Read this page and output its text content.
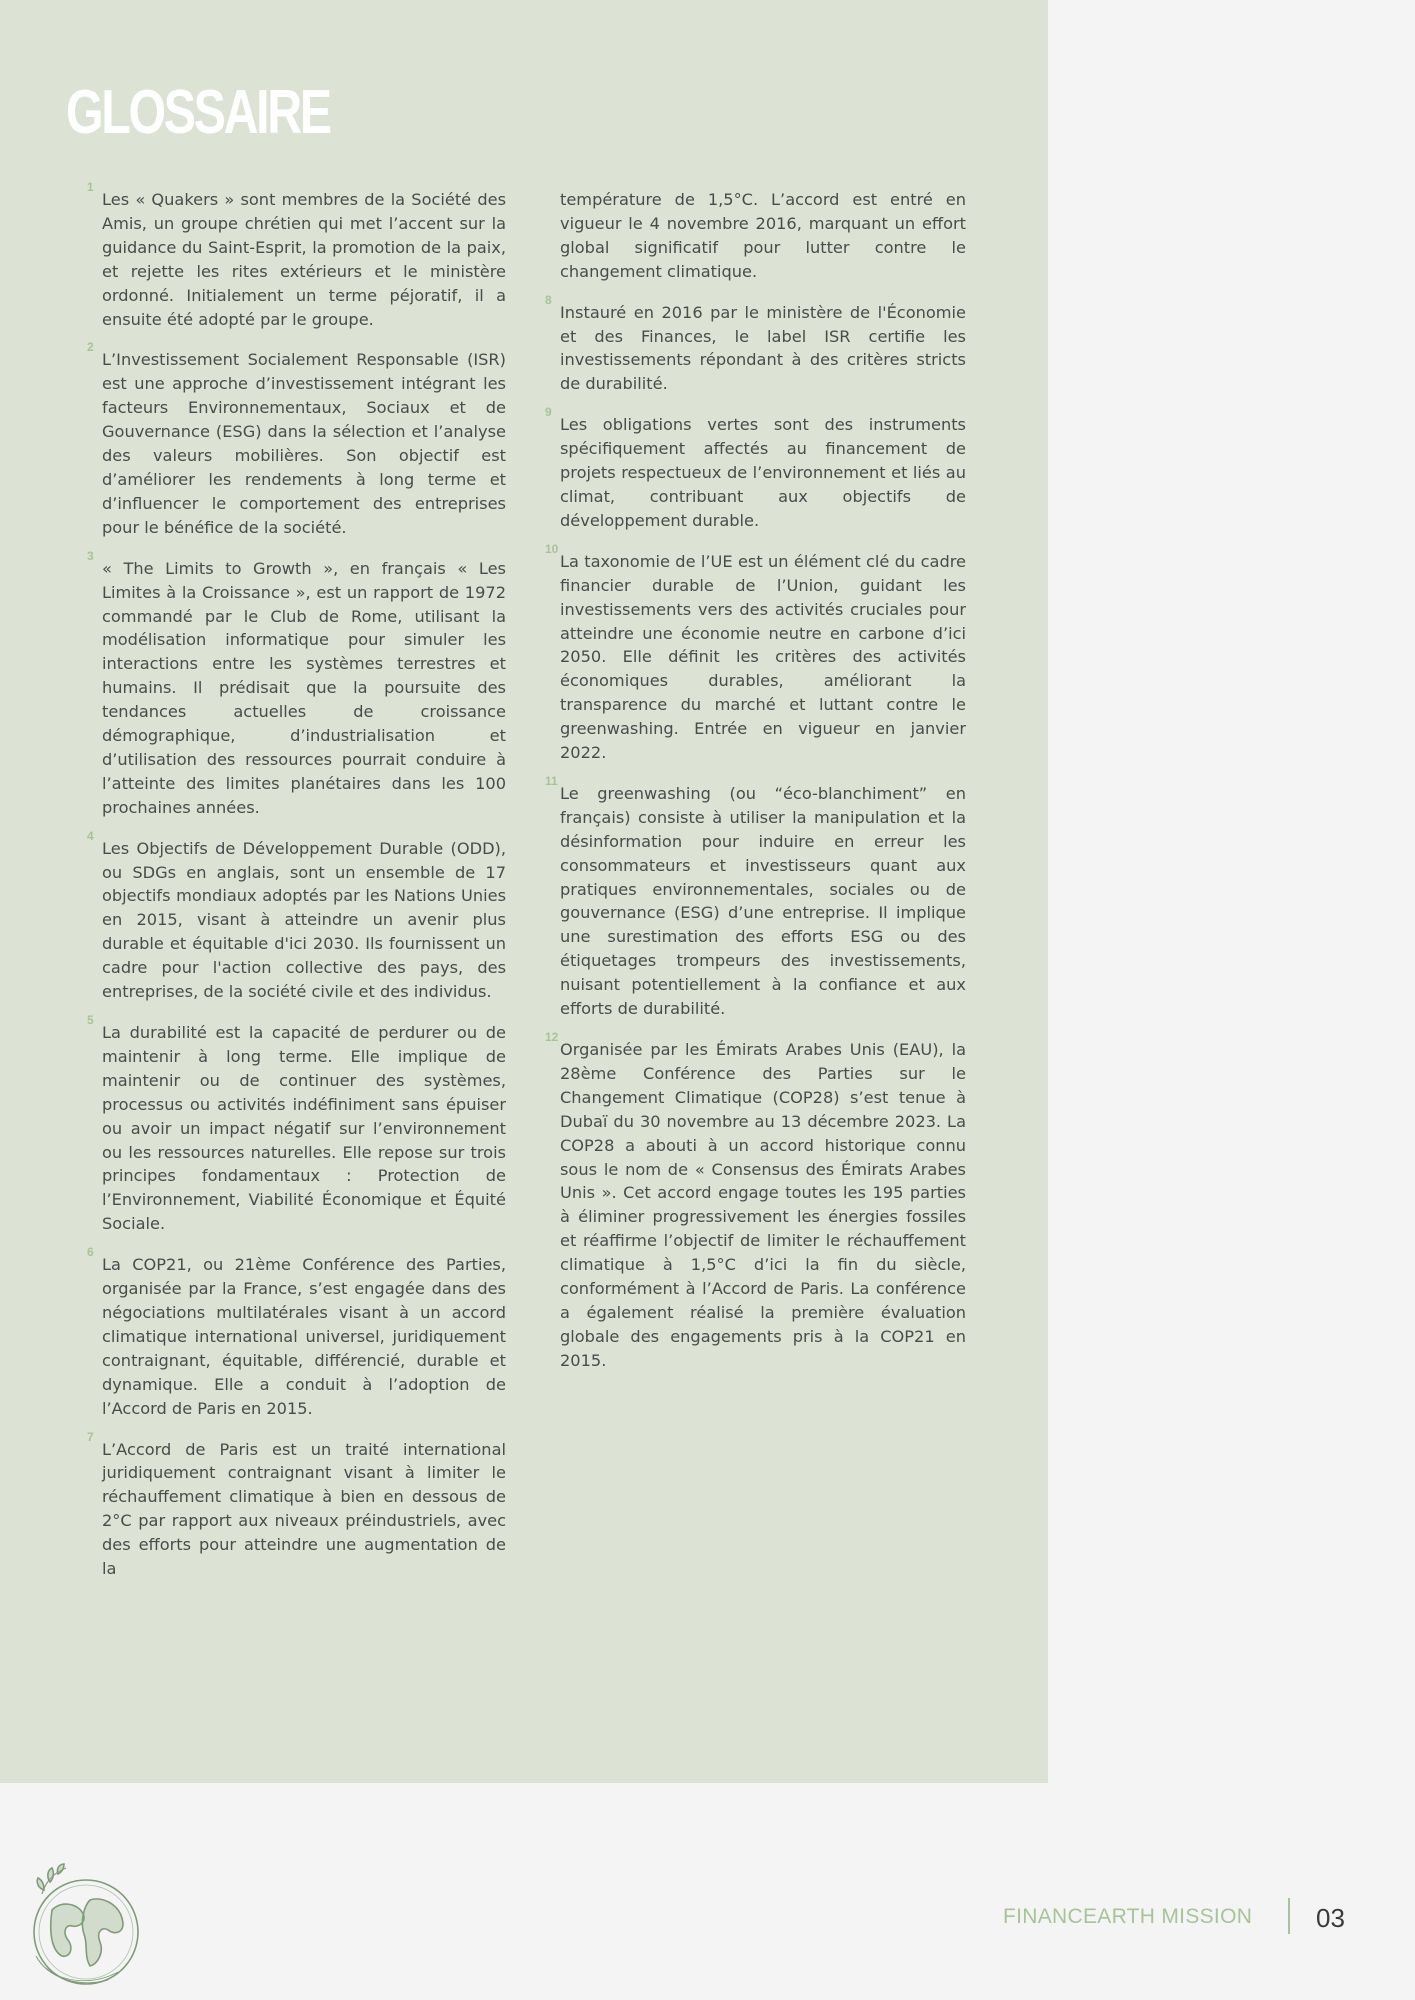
GLOSSAIRE
1

Les « Quakers » sont membres de la Société des Amis, un groupe chrétien qui met l’accent sur la guidance du Saint-Esprit, la promotion de la paix, et rejette les rites extérieurs et le ministère ordonné. Initialement un terme péjoratif, il a ensuite été adopté par le groupe.

2

L’Investissement Socialement Responsable (ISR) est une approche d’investissement intégrant les facteurs Environnementaux, Sociaux et de Gouvernance (ESG) dans la sélection et l’analyse des valeurs mobilières. Son objectif est d’améliorer les rendements à long terme et d’influencer le comportement des entreprises pour le bénéfice de la société.

3

« The Limits to Growth », en français « Les Limites à la Croissance », est un rapport de 1972 commandé par le Club de Rome, utilisant la modélisation informatique pour simuler les interactions entre les systèmes terrestres et humains. Il prédisait que la poursuite des tendances actuelles de croissance démographique, d’industrialisation et d’utilisation des ressources pourrait conduire à l’atteinte des limites planétaires dans les 100 prochaines années.

4

Les Objectifs de Développement Durable (ODD), ou SDGs en anglais, sont un ensemble de 17 objectifs mondiaux adoptés par les Nations Unies en 2015, visant à atteindre un avenir plus durable et équitable d'ici 2030. Ils fournissent un cadre pour l'action collective des pays, des entreprises, de la société civile et des individus.

5

La durabilité est la capacité de perdurer ou de maintenir à long terme. Elle implique de maintenir ou de continuer des systèmes, processus ou activités indéfiniment sans épuiser ou avoir un impact négatif sur l’environnement ou les ressources naturelles. Elle repose sur trois principes fondamentaux : Protection de l’Environnement, Viabilité Économique et Équité Sociale.

6

La COP21, ou 21ème Conférence des Parties, organisée par la France, s’est engagée dans des négociations multilatérales visant à un accord climatique international universel, juridiquement contraignant, équitable, différencié, durable et dynamique. Elle a conduit à l’adoption de l’Accord de Paris en 2015.

7

L’Accord de Paris est un traité international juridiquement contraignant visant à limiter le réchauffement climatique à bien en dessous de 2°C par rapport aux niveaux préindustriels, avec des efforts pour atteindre une augmentation de la

température de 1,5°C. L’accord est entré en vigueur le 4 novembre 2016, marquant un effort global significatif pour lutter contre le changement climatique.

8

Instauré en 2016 par le ministère de l'Économie et des Finances, le label ISR certifie les investissements répondant à des critères stricts de durabilité.

9

Les obligations vertes sont des instruments spécifiquement affectés au financement de projets respectueux de l’environnement et liés au climat, contribuant aux objectifs de développement durable.

10

La taxonomie de l’UE est un élément clé du cadre financier durable de l’Union, guidant les investissements vers des activités cruciales pour atteindre une économie neutre en carbone d’ici 2050. Elle définit les critères des activités économiques durables, améliorant la transparence du marché et luttant contre le greenwashing. Entrée en vigueur en janvier 2022.

11

Le greenwashing (ou “éco-blanchiment” en français) consiste à utiliser la manipulation et la désinformation pour induire en erreur les consommateurs et investisseurs quant aux pratiques environnementales, sociales ou de gouvernance (ESG) d’une entreprise. Il implique une surestimation des efforts ESG ou des étiquetages trompeurs des investissements, nuisant potentiellement à la confiance et aux efforts de durabilité.

12

Organisée par les Émirats Arabes Unis (EAU), la 28ème Conférence des Parties sur le Changement Climatique (COP28) s’est tenue à Dubaï du 30 novembre au 13 décembre 2023. La COP28 a abouti à un accord historique connu sous le nom de « Consensus des Émirats Arabes Unis ». Cet accord engage toutes les 195 parties à éliminer progressivement les énergies fossiles et réaffirme l’objectif de limiter le réchauffement climatique à 1,5°C d’ici la fin du siècle, conformément à l’Accord de Paris. La conférence a également réalisé la première évaluation globale des engagements pris à la COP21 en 2015.

FINANCEARTH MISSION 03
